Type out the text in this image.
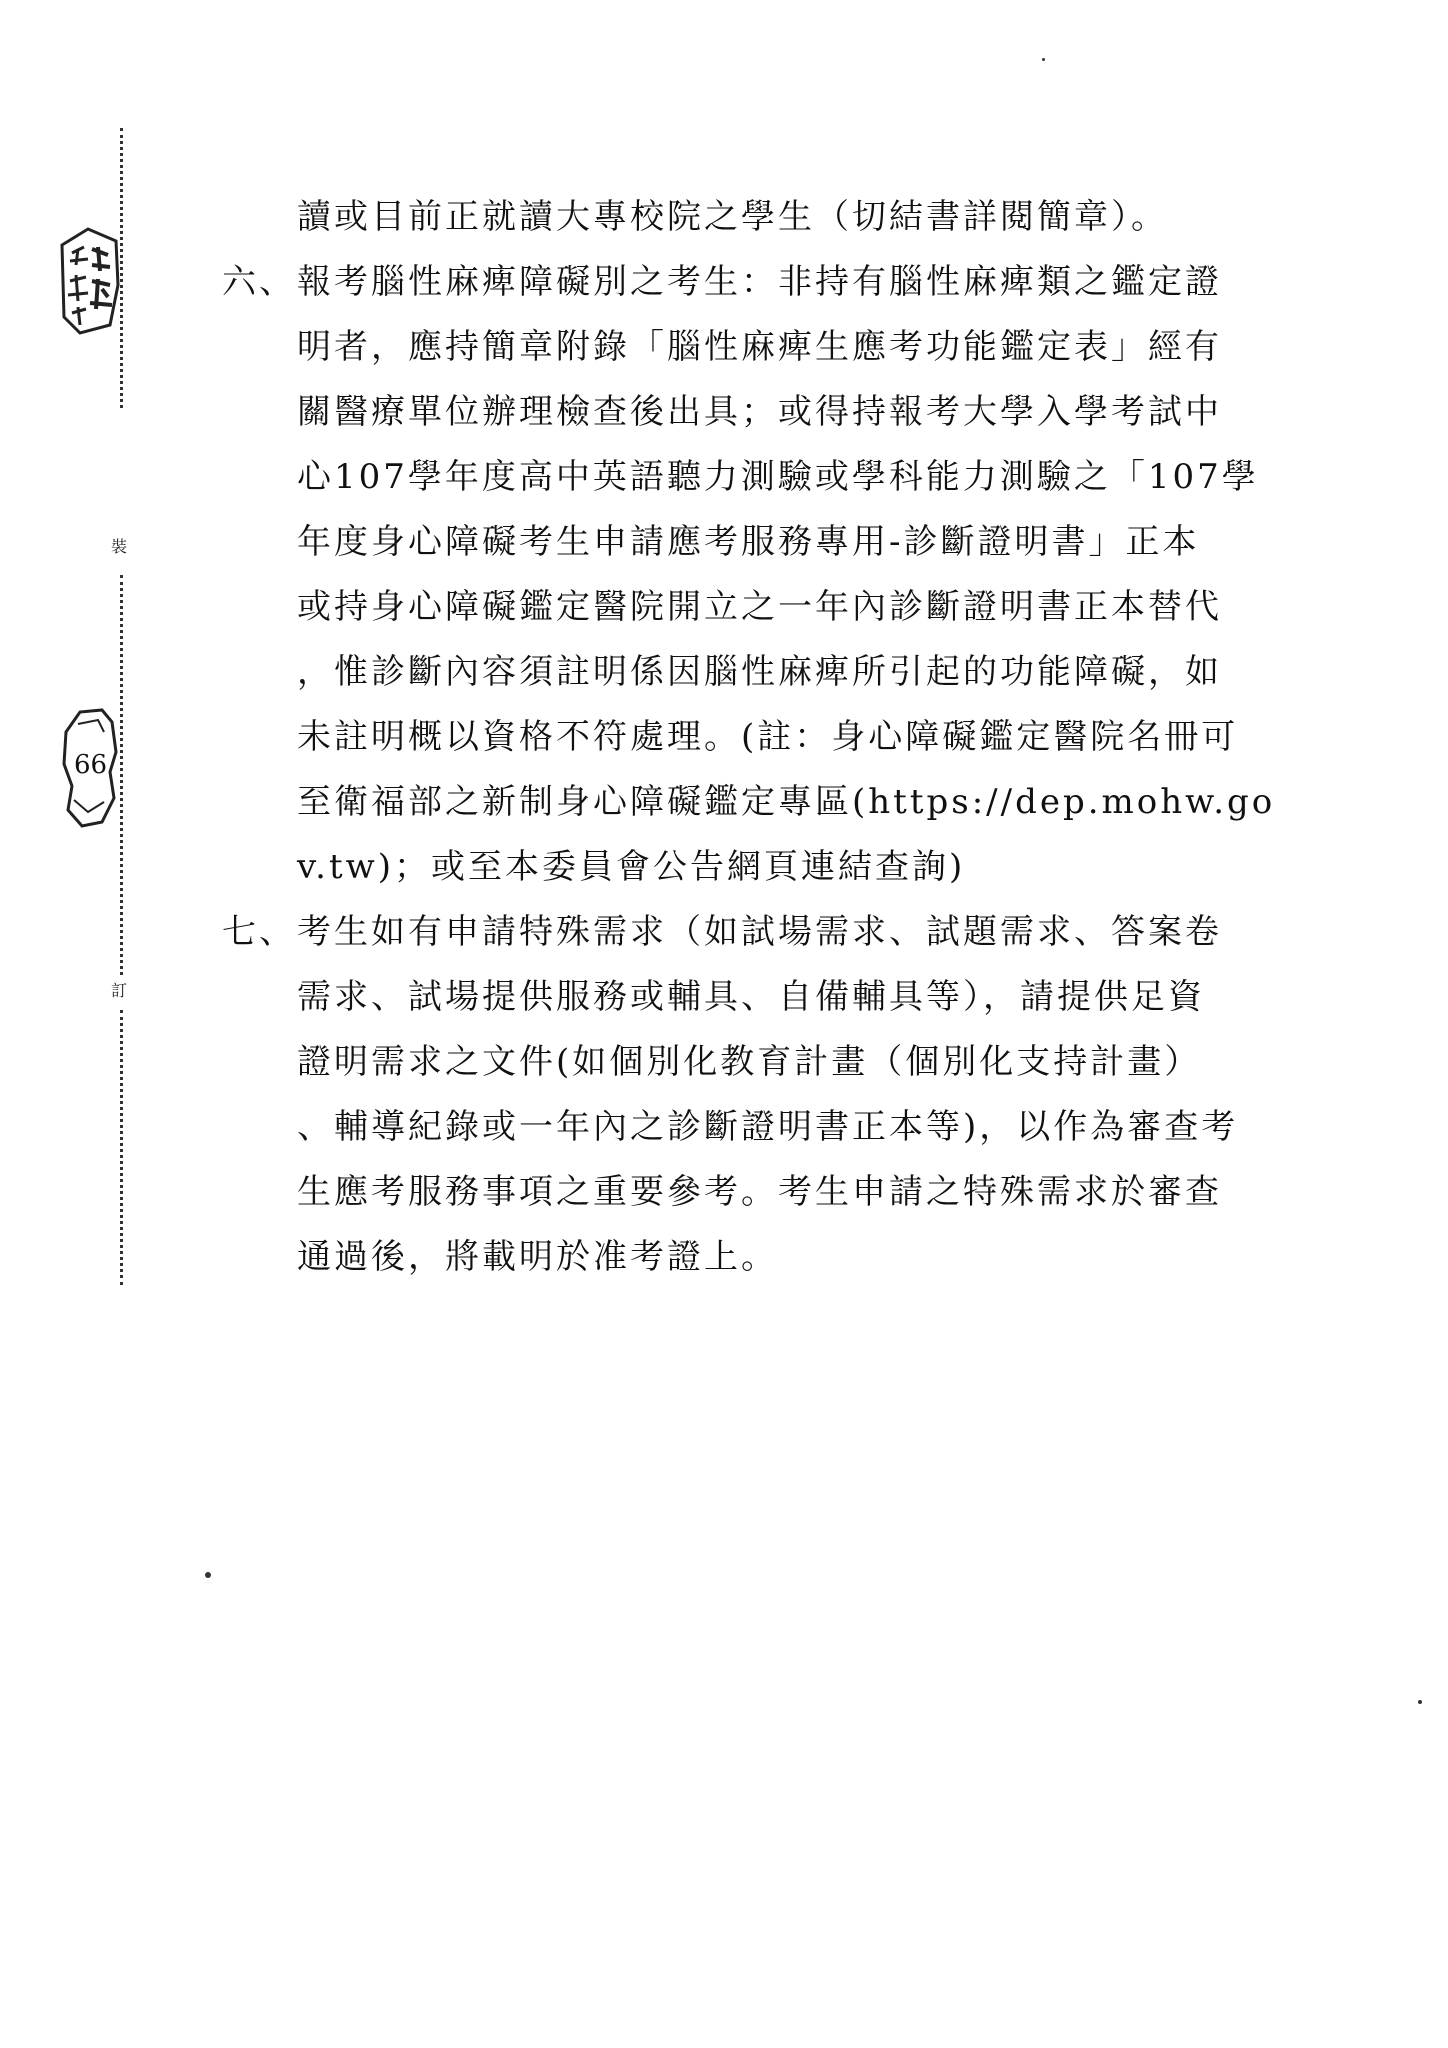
裝
訂
66
讀或目前正就讀大專校院之學生（切結書詳閱簡章）。
六、報考腦性麻痺障礙別之考生：非持有腦性麻痺類之鑑定證
明者，應持簡章附錄「腦性麻痺生應考功能鑑定表」經有
關醫療單位辦理檢查後出具；或得持報考大學入學考試中
心107學年度高中英語聽力測驗或學科能力測驗之「107學
年度身心障礙考生申請應考服務專用-診斷證明書」正本
或持身心障礙鑑定醫院開立之一年內診斷證明書正本替代
，惟診斷內容須註明係因腦性麻痺所引起的功能障礙，如
未註明概以資格不符處理。(註：身心障礙鑑定醫院名冊可
至衛福部之新制身心障礙鑑定專區(https://dep.mohw.go
v.tw)；或至本委員會公告網頁連結查詢)
七、考生如有申請特殊需求（如試場需求、試題需求、答案卷
需求、試場提供服務或輔具、自備輔具等），請提供足資
證明需求之文件(如個別化教育計畫（個別化支持計畫）
、輔導紀錄或一年內之診斷證明書正本等)，以作為審查考
生應考服務事項之重要參考。考生申請之特殊需求於審查
通過後，將載明於准考證上。
